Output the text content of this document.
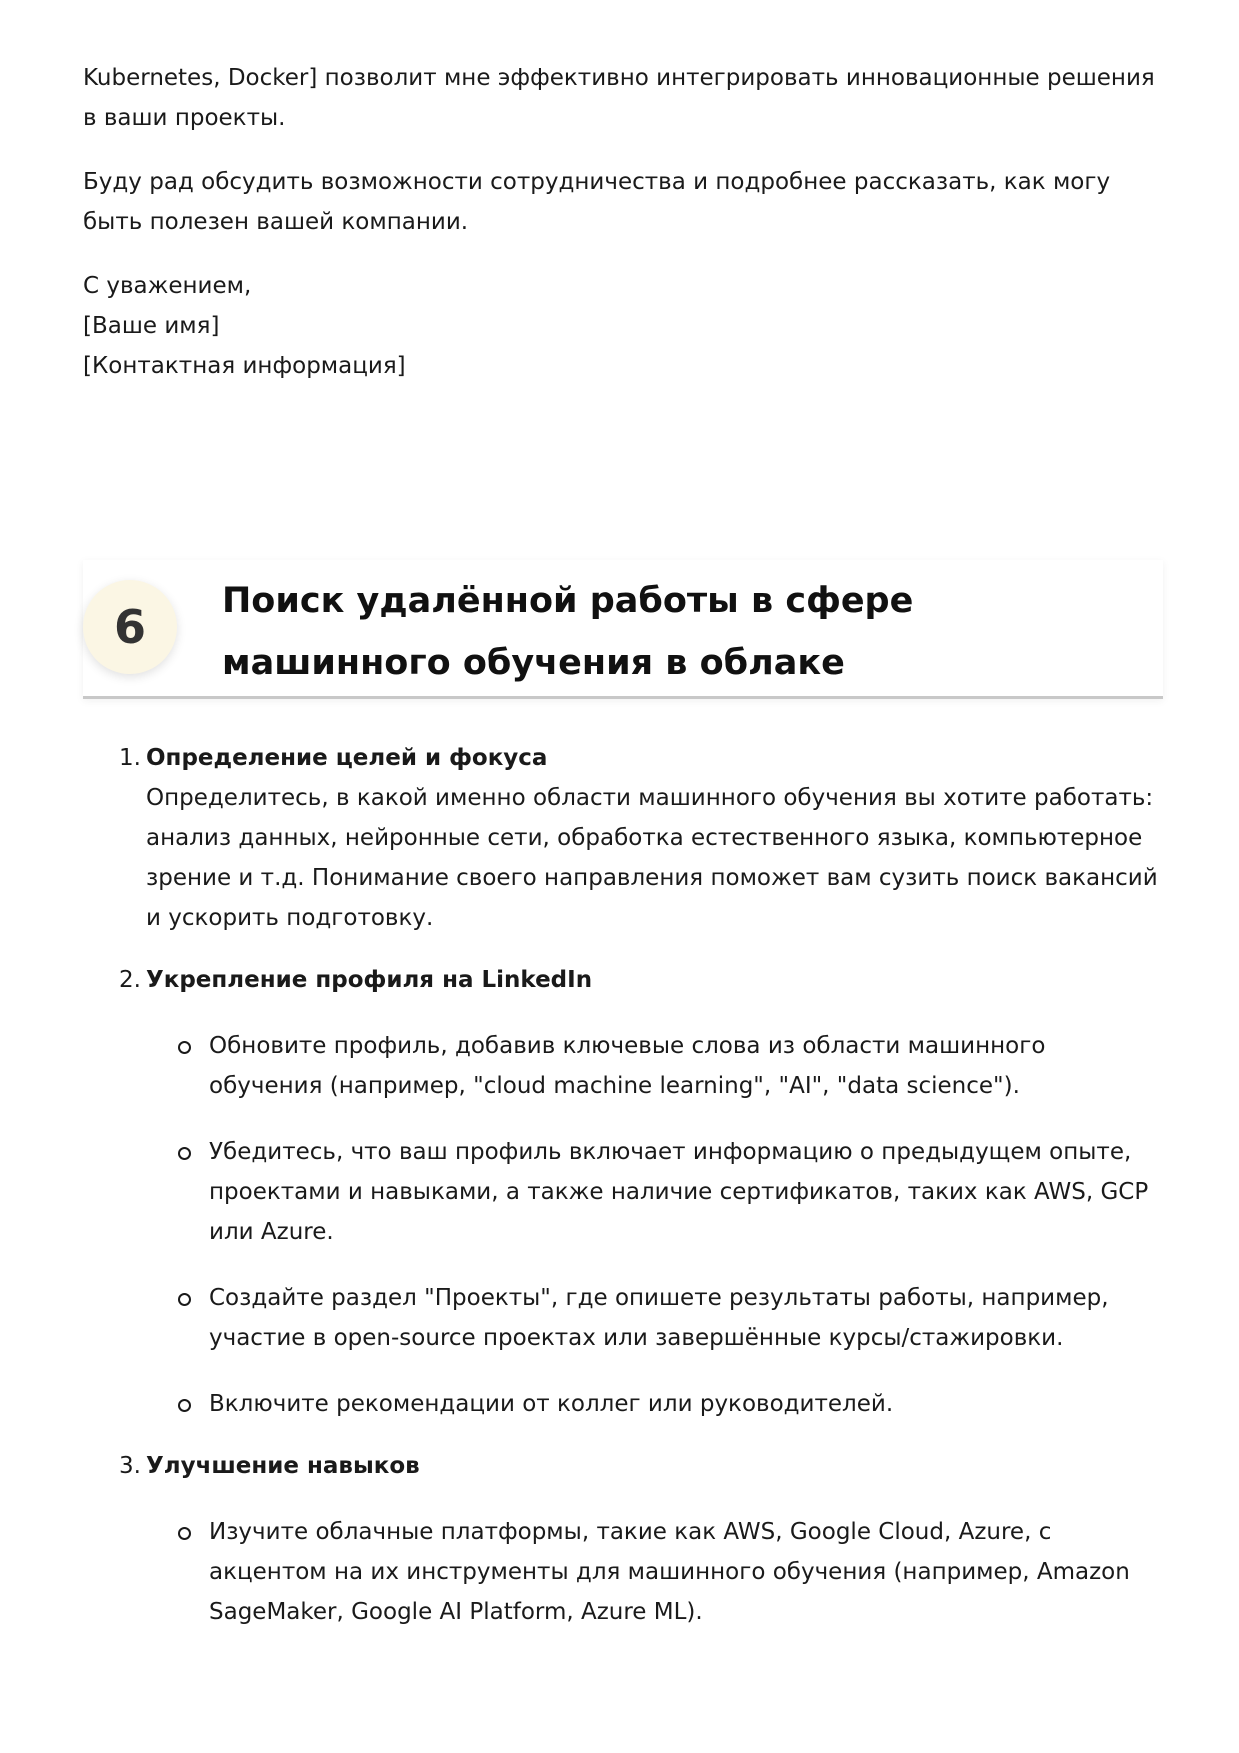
Kubernetes, Docker] позволит мне эффективно интегрировать инновационные решения в ваши проекты.

Буду рад обсудить возможности сотрудничества и подробнее рассказать, как могу быть полезен вашей компании.

С уважением,
[Ваше имя]
[Контактная информация]
6	Поиск удалённой работы в сфере машинного обучения в облаке
1. Определение целей и фокуса
Определитесь, в какой именно области машинного обучения вы хотите работать: анализ данных, нейронные сети, обработка естественного языка, компьютерное зрение и т.д. Понимание своего направления поможет вам сузить поиск вакансий и ускорить подготовку.
2. Укрепление профиля на LinkedIn
Обновите профиль, добавив ключевые слова из области машинного обучения (например, "cloud machine learning", "AI", "data science").
Убедитесь, что ваш профиль включает информацию о предыдущем опыте, проектами и навыками, а также наличие сертификатов, таких как AWS, GCP или Azure.
Создайте раздел "Проекты", где опишете результаты работы, например, участие в open-source проектах или завершённые курсы/стажировки.
Включите рекомендации от коллег или руководителей.
3. Улучшение навыков
Изучите облачные платформы, такие как AWS, Google Cloud, Azure, с акцентом на их инструменты для машинного обучения (например, Amazon SageMaker, Google AI Platform, Azure ML).
